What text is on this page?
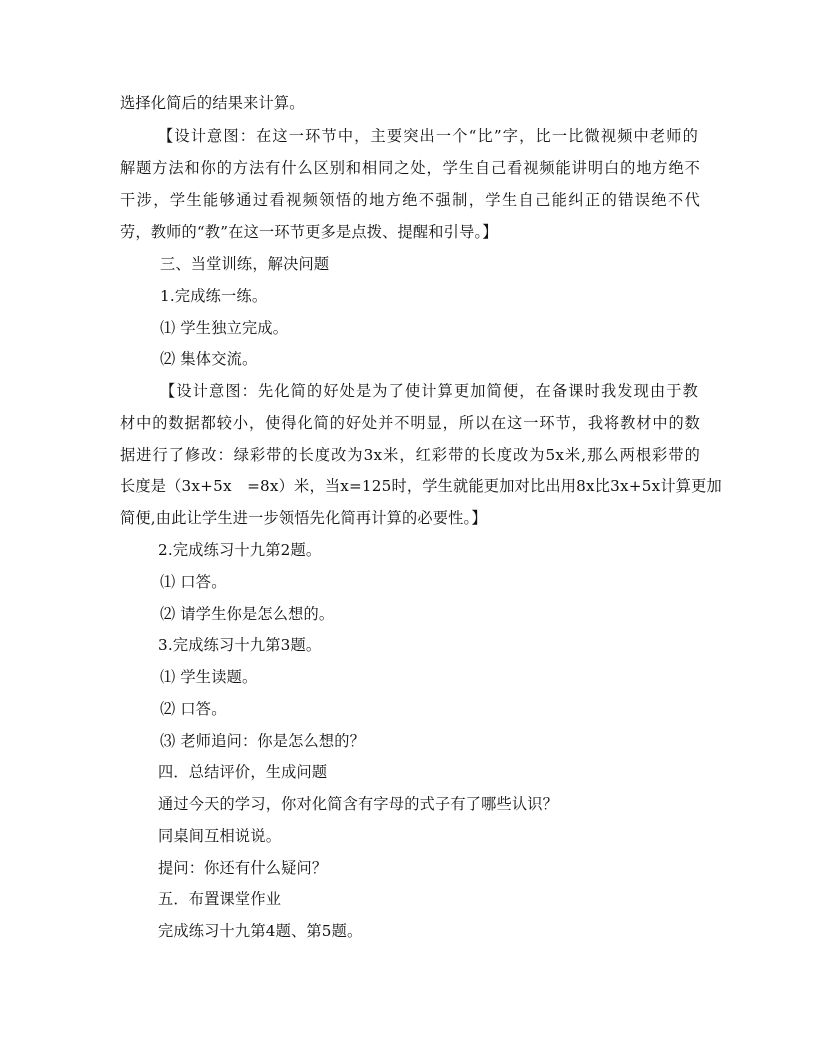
选择化简后的结果来计算。
【设计意图：在这一环节中，主要突出一个“比”字，比一比微视频中老师的
解题方法和你的方法有什么区别和相同之处，学生自己看视频能讲明白的地方绝不
干涉，学生能够通过看视频领悟的地方绝不强制，学生自己能纠正的错误绝不代
劳，教师的“教”在这一环节更多是点拨、提醒和引导。】
三、当堂训练，解决问题
1.完成练一练。
⑴ 学生独立完成。
⑵ 集体交流。
【设计意图：先化简的好处是为了使计算更加简便，在备课时我发现由于教
材中的数据都较小，使得化简的好处并不明显，所以在这一环节，我将教材中的数
据进行了修改：绿彩带的长度改为3x米，红彩带的长度改为5x米,那么两根彩带的
长度是（3x+5x　=8x）米，当x=125时，学生就能更加对比出用8x比3x+5x计算更加
简便,由此让学生进一步领悟先化简再计算的必要性。】
2.完成练习十九第2题。
⑴ 口答。
⑵ 请学生你是怎么想的。
3.完成练习十九第3题。
⑴ 学生读题。
⑵ 口答。
⑶ 老师追问：你是怎么想的？
四．总结评价，生成问题
通过今天的学习，你对化简含有字母的式子有了哪些认识？
同桌间互相说说。
提问：你还有什么疑问？
五．布置课堂作业
完成练习十九第4题、第5题。
